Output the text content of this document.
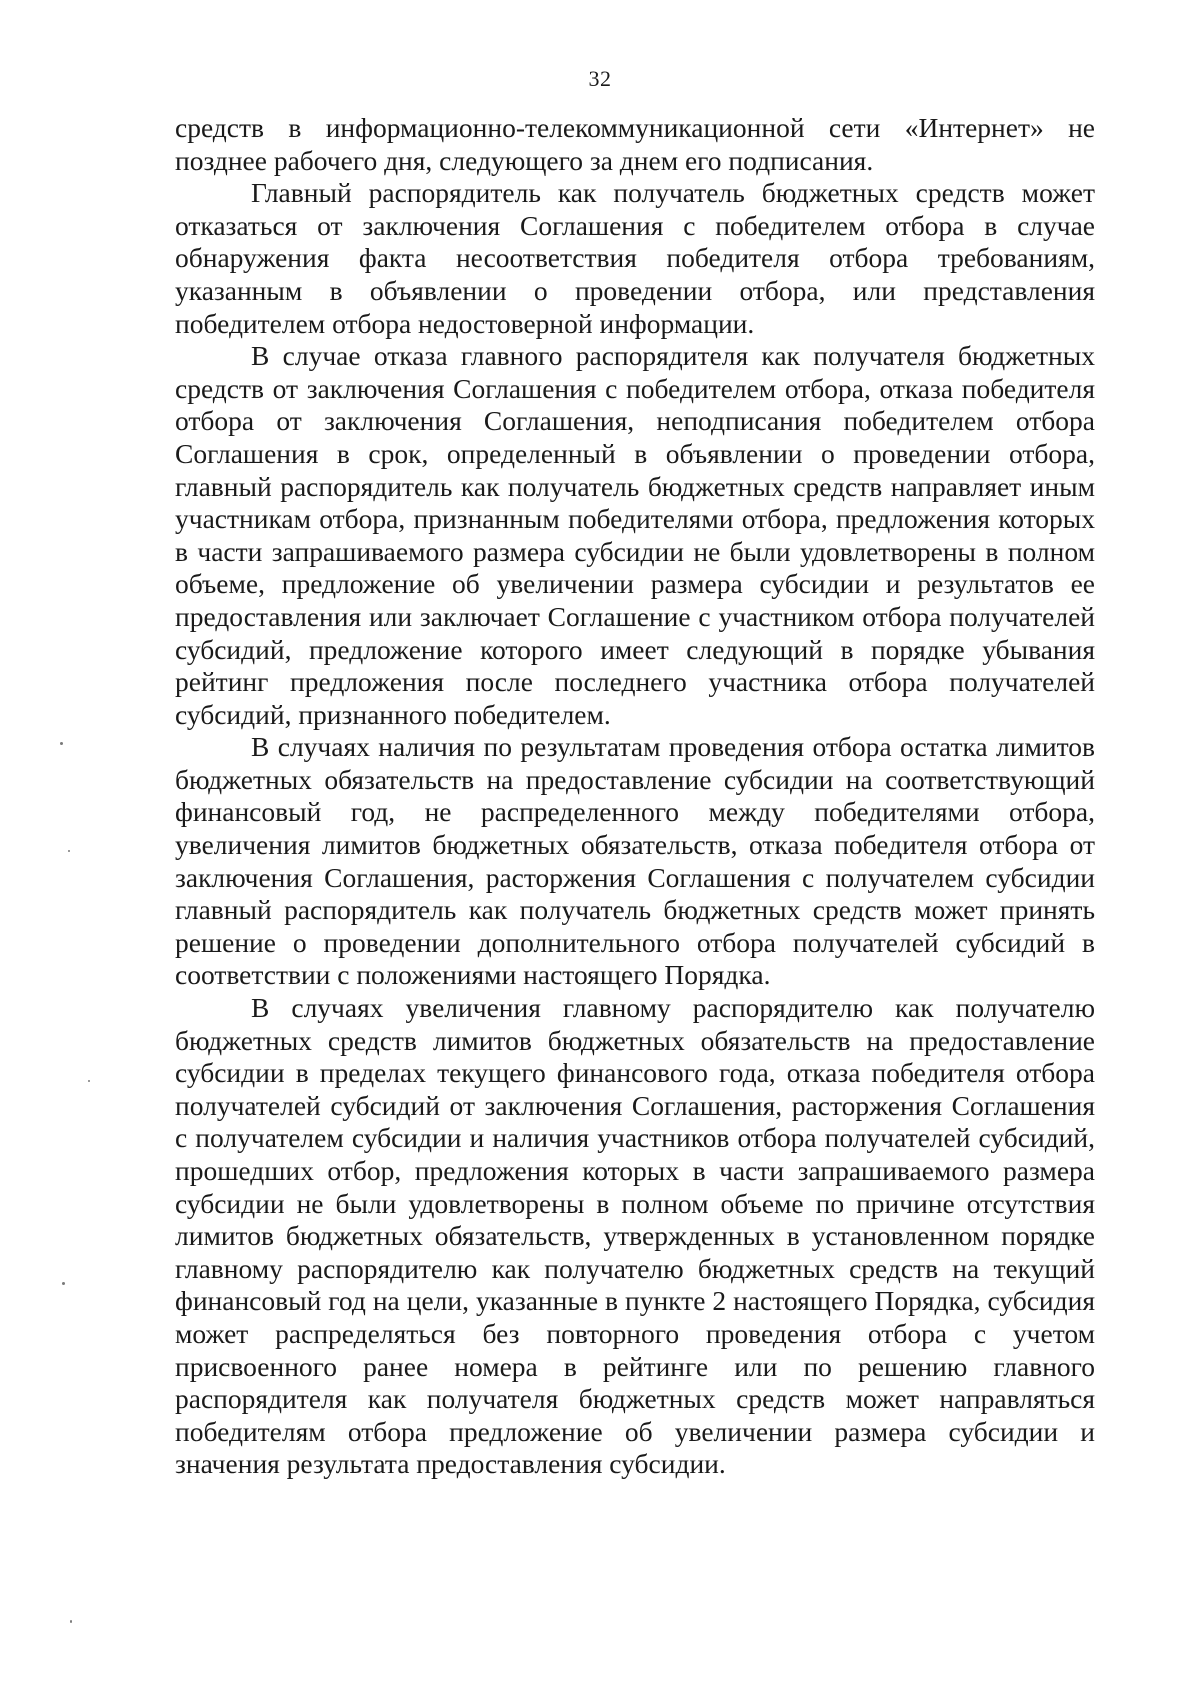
32

средств в информационно-телекоммуникационной сети «Интернет» не позднее рабочего дня, следующего за днем его подписания.

Главный распорядитель как получатель бюджетных средств может отказаться от заключения Соглашения с победителем отбора в случае обнаружения факта несоответствия победителя отбора требованиям, указанным в объявлении о проведении отбора, или представления победителем отбора недостоверной информации.

В случае отказа главного распорядителя как получателя бюджетных средств от заключения Соглашения с победителем отбора, отказа победителя отбора от заключения Соглашения, неподписания победителем отбора Соглашения в срок, определенный в объявлении о проведении отбора, главный распорядитель как получатель бюджетных средств направляет иным участникам отбора, признанным победителями отбора, предложения которых в части запрашиваемого размера субсидии не были удовлетворены в полном объеме, предложение об увеличении размера субсидии и результатов ее предоставления или заключает Соглашение с участником отбора получателей субсидий, предложение которого имеет следующий в порядке убывания рейтинг предложения после последнего участника отбора получателей субсидий, признанного победителем.

В случаях наличия по результатам проведения отбора остатка лимитов бюджетных обязательств на предоставление субсидии на соответствующий финансовый год, не распределенного между победителями отбора, увеличения лимитов бюджетных обязательств, отказа победителя отбора от заключения Соглашения, расторжения Соглашения с получателем субсидии главный распорядитель как получатель бюджетных средств может принять решение о проведении дополнительного отбора получателей субсидий в соответствии с положениями настоящего Порядка.

В случаях увеличения главному распорядителю как получателю бюджетных средств лимитов бюджетных обязательств на предоставление субсидии в пределах текущего финансового года, отказа победителя отбора получателей субсидий от заключения Соглашения, расторжения Соглашения с получателем субсидии и наличия участников отбора получателей субсидий, прошедших отбор, предложения которых в части запрашиваемого размера субсидии не были удовлетворены в полном объеме по причине отсутствия лимитов бюджетных обязательств, утвержденных в установленном порядке главному распорядителю как получателю бюджетных средств на текущий финансовый год на цели, указанные в пункте 2 настоящего Порядка, субсидия может распределяться без повторного проведения отбора с учетом присвоенного ранее номера в рейтинге или по решению главного распорядителя как получателя бюджетных средств может направляться победителям отбора предложение об увеличении размера субсидии и значения результата предоставления субсидии.
